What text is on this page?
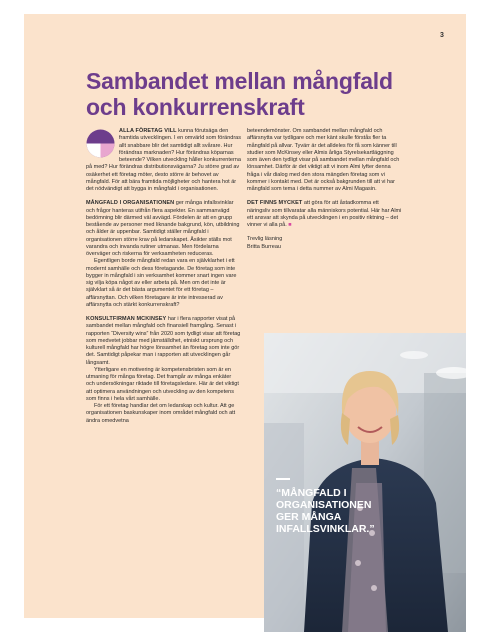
3
Sambandet mellan mångfald
och konkurrenskraft

ALLA FÖRETAG VILL kunna förutsäga den framtida utvecklingen. I en omvärld som förändras allt snabbare blir det samtidigt allt svårare. Hur förändras marknaden? Hur förändras köparnas beteende? Vilken utveckling håller konkurrenterna på med? Hur förändras distributionsvägarna? Ju större grad av osäkerhet ett företag möter, desto större är behovet av mångfald. För att bära framtida möjligheter och hantera hot är det nödvändigt att bygga in mångfald i organisationen.

MÅNGFALD I ORGANISATIONEN ger många infallsvinklar och frågor hanteras utifrån flera aspekter. En sammanvägd bedömning blir därmed väl avvägd. Fördelen är att en grupp bestående av personer med liknande bakgrund, kön, utbildning och ålder är uppenbar. Samtidigt ställer mångfald i organisationen större krav på ledarskapet. Åsikter ställs mot varandra och invanda rutiner utmanas. Men fördelarna överväger och riskerna för verksamheten reduceras.

Egentligen borde mångfald redan vara en självklarhet i ett modernt samhälle och dess företagande. De företag som inte bygger in mångfald i sin verksamhet kommer snart ingen vare sig vilja köpa något av eller arbeta på. Men om det inte är självklart så är det bästa argumentet för ett företag – affärsnyttan. Och vilken företagare är inte intresserad av affärsnytta och stärkt konkurrenskraft?

KONSULTFIRMAN MCKINSEY har i flera rapporter visat på sambandet mellan mångfald och finansiell framgång. Senast i rapporten “Diversity wins” från 2020 som tydligt visar att företag som medvetet jobbar med jämställdhet, etniskt ursprung och kulturell mångfald har högre lönsamhet än företag som inte gör det. Samtidigt påpekar man i rapporten att utvecklingen går långsamt.

Ytterligare en motivering är kompetensbristen som är en utmaning för många företag. Det framgår av många enkäter och undersökningar riktade till företagsledare. Här är det viktigt att optimera användningen och utveckling av den kompetens som finns i hela vårt samhälle.

För ett företag handlar det om ledarskap och kultur. Att ge organisationen baskunskaper inom området mångfald och att ändra omedvetna

beteendemönster. Om sambandet mellan mångfald och affärsnytta var tydligare och mer känt skulle förstås fler ta mångfald på allvar. Tyvärr är det alldeles för få som känner till studier som McKinsey eller Almis årliga Styrelsekartläggning som även den tydligt visar på sambandet mellan mångfald och lönsamhet. Därför är det viktigt att vi inom Almi lyfter denna fråga i vår dialog med den stora mängden företag som vi kommer i kontakt med. Det är också bakgrunden till att vi har mångfald som tema i detta nummer av Almi Magasin.

DET FINNS MYCKET att göra för att åstadkomma ett näringsliv som tillvaratar alla människors potential. Här har Almi ett ansvar att skynda på utvecklingen i en positiv riktning – det vinner vi alla på. ■

Trevlig läsning
Britta Burreau

“MÅNGFALD I ORGANISATIONEN GER MÅNGA INFALLSVINKLAR.”
